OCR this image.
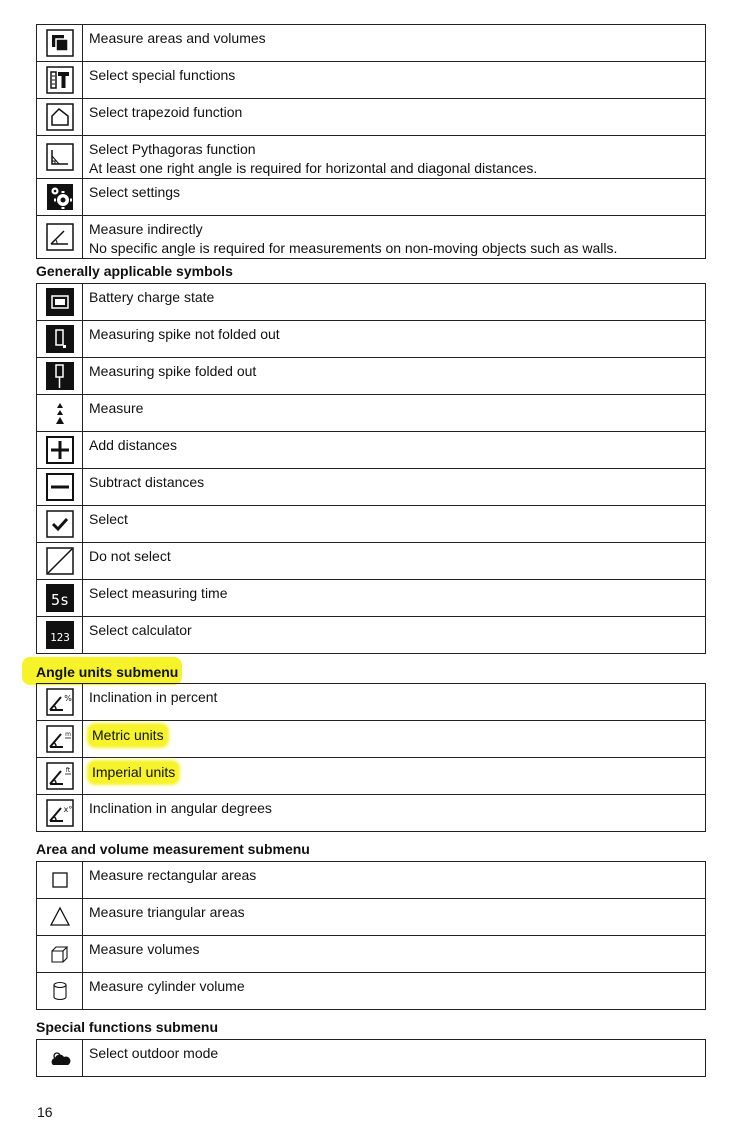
Measure areas and volumes

Select special functions

Select trapezoid function

Select Pythagoras function
At least one right angle is required for horizontal and diagonal distances.

Select settings

Measure indirectly
No specific angle is required for measurements on non-moving objects such as walls.
Generally applicable symbols

Battery charge state

Measuring spike not folded out

Measuring spike folded out

Measure

Add distances

Subtract distances

Select

Do not select

5s	Select measuring time

123	Select calculator
Angle units submenu
%	Inclination in percent

m	Metric units

ft	Imperial units

x°	Inclination in angular degrees
Area and volume measurement submenu

Measure rectangular areas

Measure triangular areas

Measure volumes

Measure cylinder volume
Special functions submenu

Select outdoor mode
16
